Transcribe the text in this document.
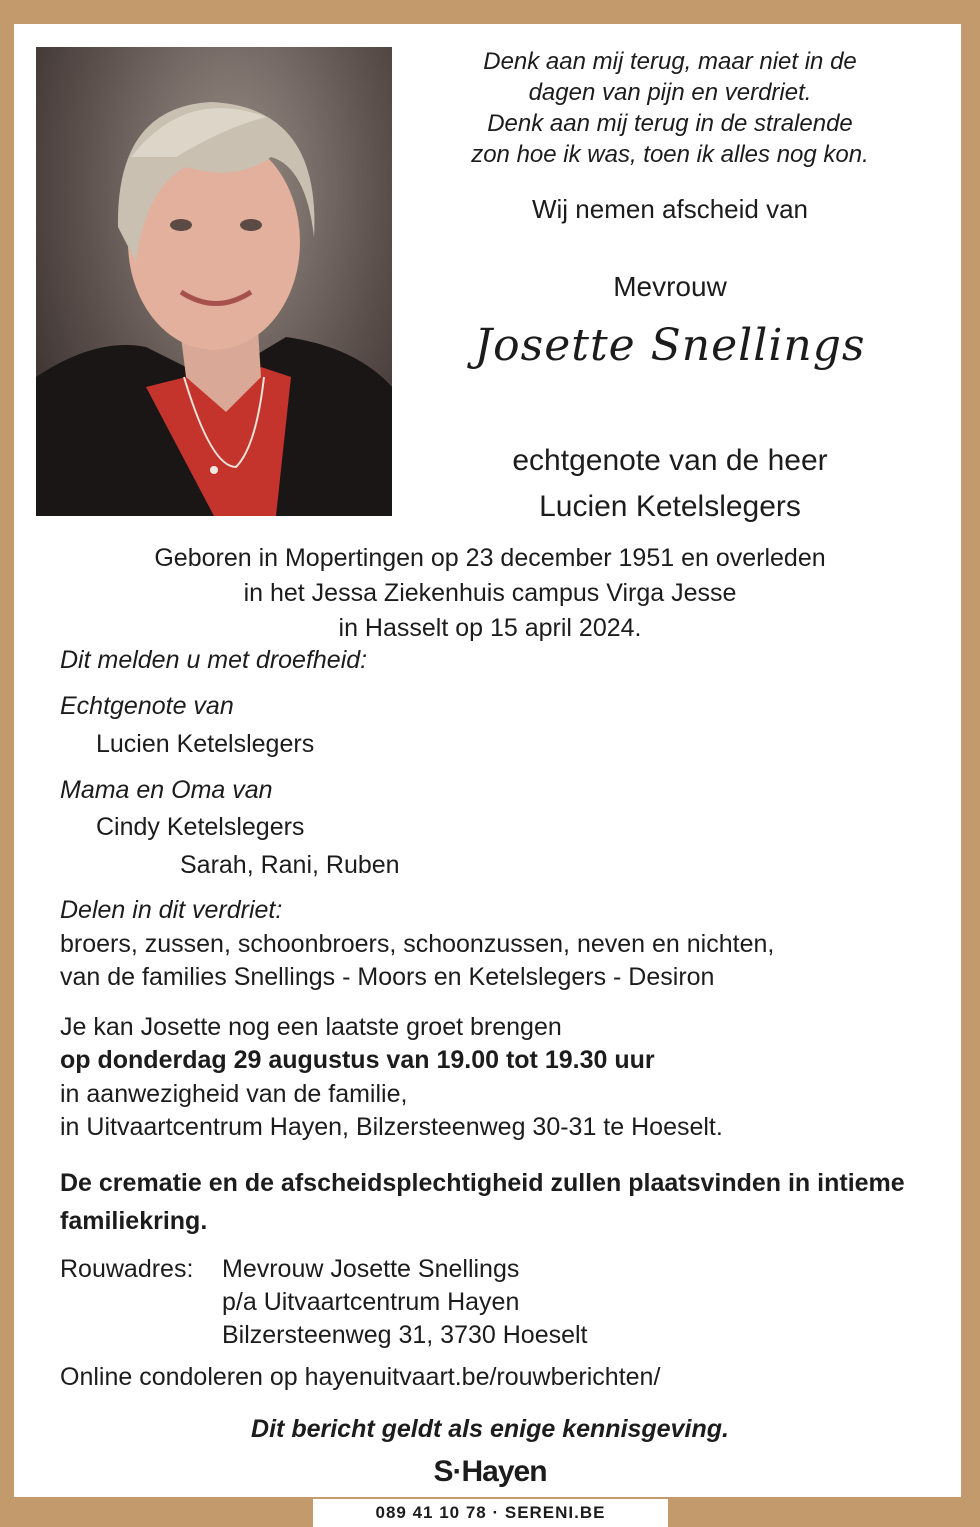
Denk aan mij terug, maar niet in de
dagen van pijn en verdriet.
Denk aan mij terug in de stralende
zon hoe ik was, toen ik alles nog kon.
Wij nemen afscheid van
Mevrouw
Josette Snellings
echtgenote van de heer
Lucien Ketelslegers
Geboren in Mopertingen op 23 december 1951 en overleden
in het Jessa Ziekenhuis campus Virga Jesse
in Hasselt op 15 april 2024.
Dit melden u met droefheid:
Echtgenote van
Lucien Ketelslegers
Mama en Oma van
Cindy Ketelslegers
Sarah, Rani, Ruben
Delen in dit verdriet:
broers, zussen, schoonbroers, schoonzussen, neven en nichten,
van de families Snellings - Moors en Ketelslegers - Desiron
Je kan Josette nog een laatste groet brengen
op donderdag 29 augustus van 19.00 tot 19.30 uur
in aanwezigheid van de familie,
in Uitvaartcentrum Hayen, Bilzersteenweg 30-31 te Hoeselt.
De crematie en de afscheidsplechtigheid zullen plaatsvinden in intieme familiekring.
Rouwadres: Mevrouw Josette Snellings
p/a Uitvaartcentrum Hayen
Bilzersteenweg 31, 3730 Hoeselt
Online condoleren op hayenuitvaart.be/rouwberichten/
Dit bericht geldt als enige kennisgeving.
S·Hayen
089 41 10 78 · SERENI.BE
